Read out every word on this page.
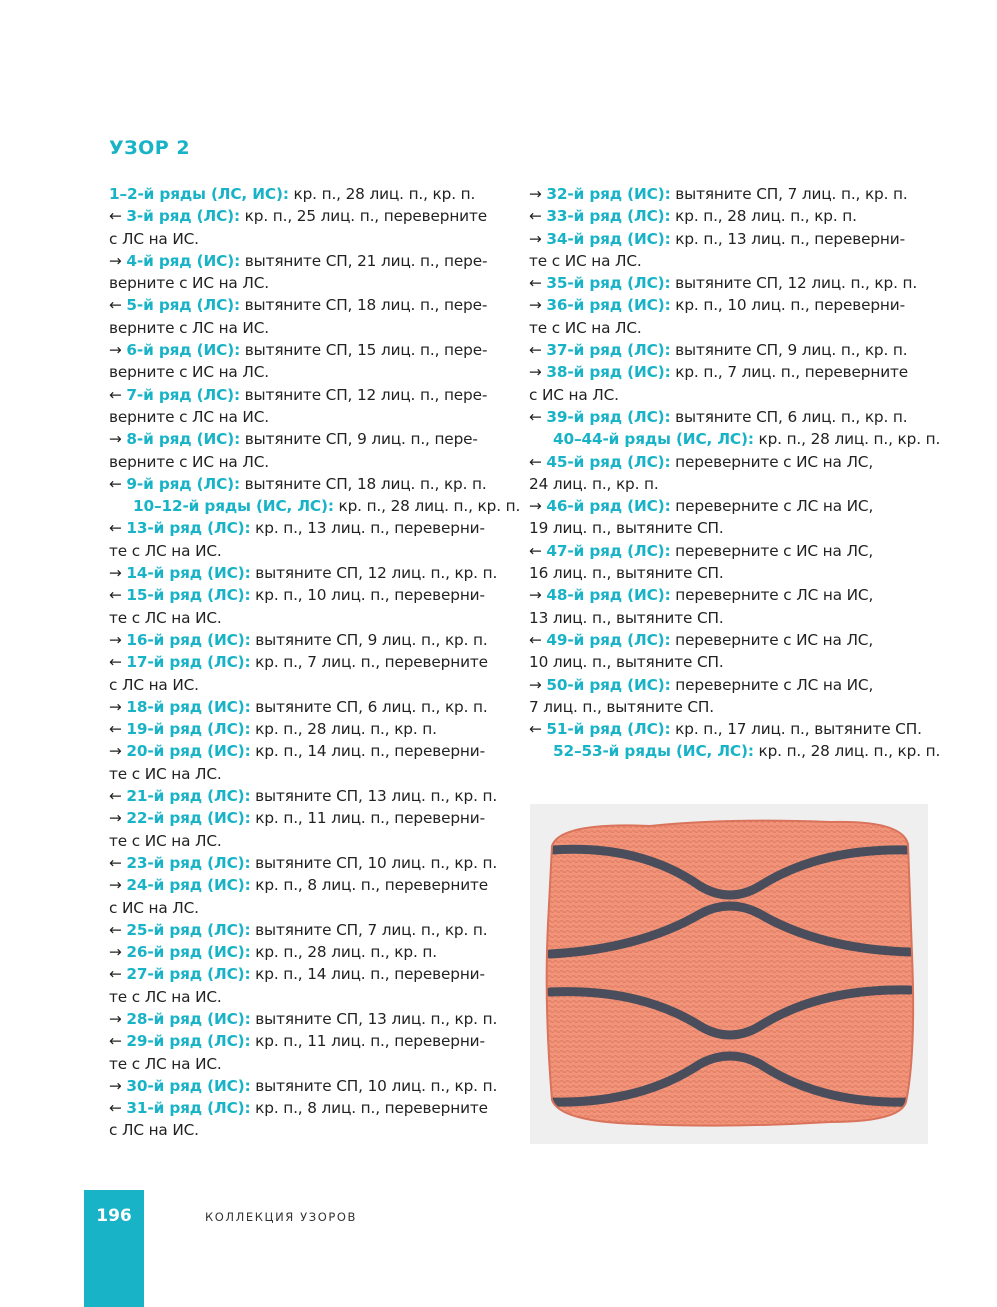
УЗОР 2
1–2-й ряды (ЛС, ИС): кр. п., 28 лиц. п., кр. п.
← 3-й ряд (ЛС): кр. п., 25 лиц. п., переверните
с ЛС на ИС.
→ 4-й ряд (ИС): вытяните СП, 21 лиц. п., пере-
верните с ИС на ЛС.
← 5-й ряд (ЛС): вытяните СП, 18 лиц. п., пере-
верните с ЛС на ИС.
→ 6-й ряд (ИС): вытяните СП, 15 лиц. п., пере-
верните с ИС на ЛС.
← 7-й ряд (ЛС): вытяните СП, 12 лиц. п., пере-
верните с ЛС на ИС.
→ 8-й ряд (ИС): вытяните СП, 9 лиц. п., пере-
верните с ИС на ЛС.
← 9-й ряд (ЛС): вытяните СП, 18 лиц. п., кр. п.
10–12-й ряды (ИС, ЛС): кр. п., 28 лиц. п., кр. п.
← 13-й ряд (ЛС): кр. п., 13 лиц. п., переверни-
те с ЛС на ИС.
→ 14-й ряд (ИС): вытяните СП, 12 лиц. п., кр. п.
← 15-й ряд (ЛС): кр. п., 10 лиц. п., переверни-
те с ЛС на ИС.
→ 16-й ряд (ИС): вытяните СП, 9 лиц. п., кр. п.
← 17-й ряд (ЛС): кр. п., 7 лиц. п., переверните
с ЛС на ИС.
→ 18-й ряд (ИС): вытяните СП, 6 лиц. п., кр. п.
← 19-й ряд (ЛС): кр. п., 28 лиц. п., кр. п.
→ 20-й ряд (ИС): кр. п., 14 лиц. п., переверни-
те с ИС на ЛС.
← 21-й ряд (ЛС): вытяните СП, 13 лиц. п., кр. п.
→ 22-й ряд (ИС): кр. п., 11 лиц. п., переверни-
те с ИС на ЛС.
← 23-й ряд (ЛС): вытяните СП, 10 лиц. п., кр. п.
→ 24-й ряд (ИС): кр. п., 8 лиц. п., переверните
с ИС на ЛС.
← 25-й ряд (ЛС): вытяните СП, 7 лиц. п., кр. п.
→ 26-й ряд (ИС): кр. п., 28 лиц. п., кр. п.
← 27-й ряд (ЛС): кр. п., 14 лиц. п., переверни-
те с ЛС на ИС.
→ 28-й ряд (ИС): вытяните СП, 13 лиц. п., кр. п.
← 29-й ряд (ЛС): кр. п., 11 лиц. п., переверни-
те с ЛС на ИС.
→ 30-й ряд (ИС): вытяните СП, 10 лиц. п., кр. п.
← 31-й ряд (ЛС): кр. п., 8 лиц. п., переверните
с ЛС на ИС.
→ 32-й ряд (ИС): вытяните СП, 7 лиц. п., кр. п.
← 33-й ряд (ЛС): кр. п., 28 лиц. п., кр. п.
→ 34-й ряд (ИС): кр. п., 13 лиц. п., переверни-
те с ИС на ЛС.
← 35-й ряд (ЛС): вытяните СП, 12 лиц. п., кр. п.
→ 36-й ряд (ИС): кр. п., 10 лиц. п., переверни-
те с ИС на ЛС.
← 37-й ряд (ЛС): вытяните СП, 9 лиц. п., кр. п.
→ 38-й ряд (ИС): кр. п., 7 лиц. п., переверните
с ИС на ЛС.
← 39-й ряд (ЛС): вытяните СП, 6 лиц. п., кр. п.
40–44-й ряды (ИС, ЛС): кр. п., 28 лиц. п., кр. п.
← 45-й ряд (ЛС): переверните с ИС на ЛС,
24 лиц. п., кр. п.
→ 46-й ряд (ИС): переверните с ЛС на ИС,
19 лиц. п., вытяните СП.
← 47-й ряд (ЛС): переверните с ИС на ЛС,
16 лиц. п., вытяните СП.
→ 48-й ряд (ИС): переверните с ЛС на ИС,
13 лиц. п., вытяните СП.
← 49-й ряд (ЛС): переверните с ИС на ЛС,
10 лиц. п., вытяните СП.
→ 50-й ряд (ИС): переверните с ЛС на ИС,
7 лиц. п., вытяните СП.
← 51-й ряд (ЛС): кр. п., 17 лиц. п., вытяните СП.
52–53-й ряды (ИС, ЛС): кр. п., 28 лиц. п., кр. п.
196	КОЛЛЕКЦИЯ УЗОРОВ
